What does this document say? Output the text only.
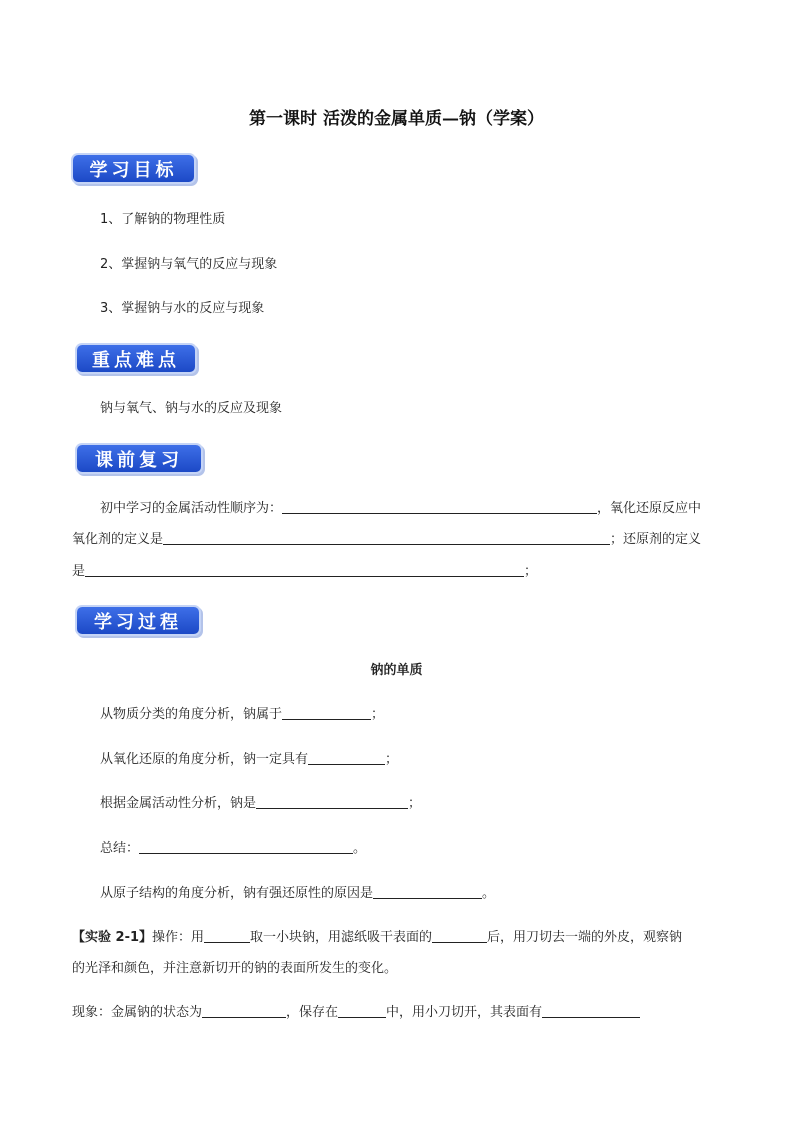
第一课时 活泼的金属单质—钠（学案）
学习目标
1、了解钠的物理性质
2、掌握钠与氧气的反应与现象
3、掌握钠与水的反应与现象
重点难点
钠与氧气、钠与水的反应及现象
课前复习
初中学习的金属活动性顺序为：	，氧化还原反应中
氧化剂的定义是	；还原剂的定义
是	；
学习过程
钠的单质
从物质分类的角度分析，钠属于	；
从氧化还原的角度分析，钠一定具有	；
根据金属活动性分析，钠是	；
总结：	。
从原子结构的角度分析，钠有强还原性的原因是	。
【实验 2-1】操作：用	取一小块钠，用滤纸吸干表面的	后，用刀切去一端的外皮，观察钠
的光泽和颜色，并注意新切开的钠的表面所发生的变化。
现象：金属钠的状态为	，保存在	中，用小刀切开，其表面有
